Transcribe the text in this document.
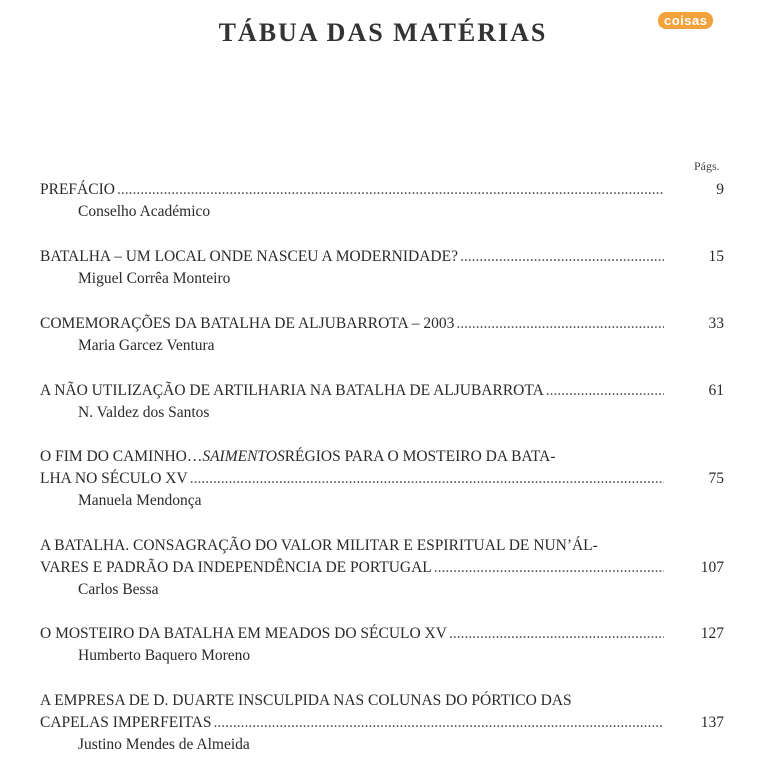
TÁBUA DAS MATÉRIAS	coisas
Págs.
PREFÁCIO .....	9
Conselho Académico
BATALHA – UM LOCAL ONDE NASCEU A MODERNIDADE? .....	15
Miguel Corrêa Monteiro
COMEMORAÇÕES DA BATALHA DE ALJUBARROTA – 2003 .....	33
Maria Garcez Ventura
A NÃO UTILIZAÇÃO DE ARTILHARIA NA BATALHA DE ALJUBARROTA .....	61
N. Valdez dos Santos
O FIM DO CAMINHO… SAIMENTOS RÉGIOS PARA O MOSTEIRO DA BATA-
LHA NO SÉCULO XV .....	75
Manuela Mendonça
A BATALHA. CONSAGRAÇÃO DO VALOR MILITAR E ESPIRITUAL DE NUN’ÁL-
VARES E PADRÃO DA INDEPENDÊNCIA DE PORTUGAL .....	107
Carlos Bessa
O MOSTEIRO DA BATALHA EM MEADOS DO SÉCULO XV .....	127
Humberto Baquero Moreno
A EMPRESA DE D. DUARTE INSCULPIDA NAS COLUNAS DO PÓRTICO DAS
CAPELAS IMPERFEITAS .....	137
Justino Mendes de Almeida
